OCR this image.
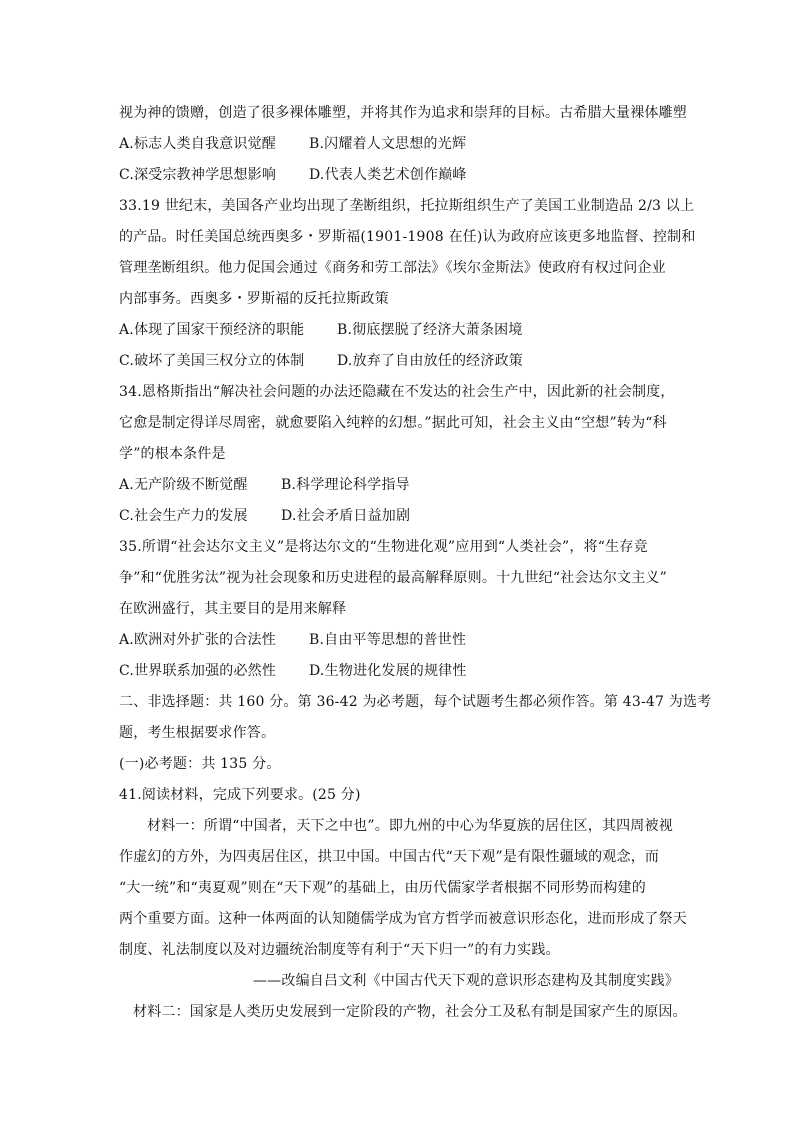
视为神的馈赠，创造了很多裸体雕塑，并将其作为追求和崇拜的目标。古希腊大量裸体雕塑
A.标志人类自我意识觉醒	B.闪耀着人文思想的光辉
C.深受宗教神学思想影响	D.代表人类艺术创作巅峰
33.19 世纪末，美国各产业均出现了垄断组织，托拉斯组织生产了美国工业制造品 2/3 以上
的产品。时任美国总统西奥多・罗斯福(1901-1908 在任)认为政府应该更多地监督、控制和
管理垄断组织。他力促国会通过《商务和劳工部法》《埃尔金斯法》使政府有权过问企业
内部事务。西奥多・罗斯福的反托拉斯政策
A.体现了国家干预经济的职能	B.彻底摆脱了经济大萧条困境
C.破坏了美国三权分立的体制	D.放弃了自由放任的经济政策
34.恩格斯指出“解决社会问题的办法还隐藏在不发达的社会生产中，因此新的社会制度，
它愈是制定得详尽周密，就愈要陷入纯粹的幻想。”据此可知，社会主义由“空想”转为“科
学”的根本条件是
A.无产阶级不断觉醒	B.科学理论科学指导
C.社会生产力的发展	D.社会矛盾日益加剧
35.所谓“社会达尔文主义”是将达尔文的“生物进化观”应用到“人类社会”，将“生存竞
争”和“优胜劣汰”视为社会现象和历史进程的最高解释原则。十九世纪“社会达尔文主义”
在欧洲盛行，其主要目的是用来解释
A.欧洲对外扩张的合法性	B.自由平等思想的普世性
C.世界联系加强的必然性	D.生物进化发展的规律性
二、非选择题：共 160 分。第 36-42 为必考题，每个试题考生都必须作答。第 43-47 为选考
题，考生根据要求作答。
(一)必考题：共 135 分。
41.阅读材料，完成下列要求。(25 分)
材料一：所谓“中国者，天下之中也”。即九州的中心为华夏族的居住区，其四周被视
作虚幻的方外，为四夷居住区，拱卫中国。中国古代“天下观”是有限性疆域的观念，而
“大一统”和“夷夏观”则在“天下观”的基础上，由历代儒家学者根据不同形势而构建的
两个重要方面。这种一体两面的认知随儒学成为官方哲学而被意识形态化，进而形成了祭天
制度、礼法制度以及对边疆统治制度等有利于“天下归一”的有力实践。
——改编自吕文利《中国古代天下观的意识形态建构及其制度实践》
材料二：国家是人类历史发展到一定阶段的产物，社会分工及私有制是国家产生的原因。
